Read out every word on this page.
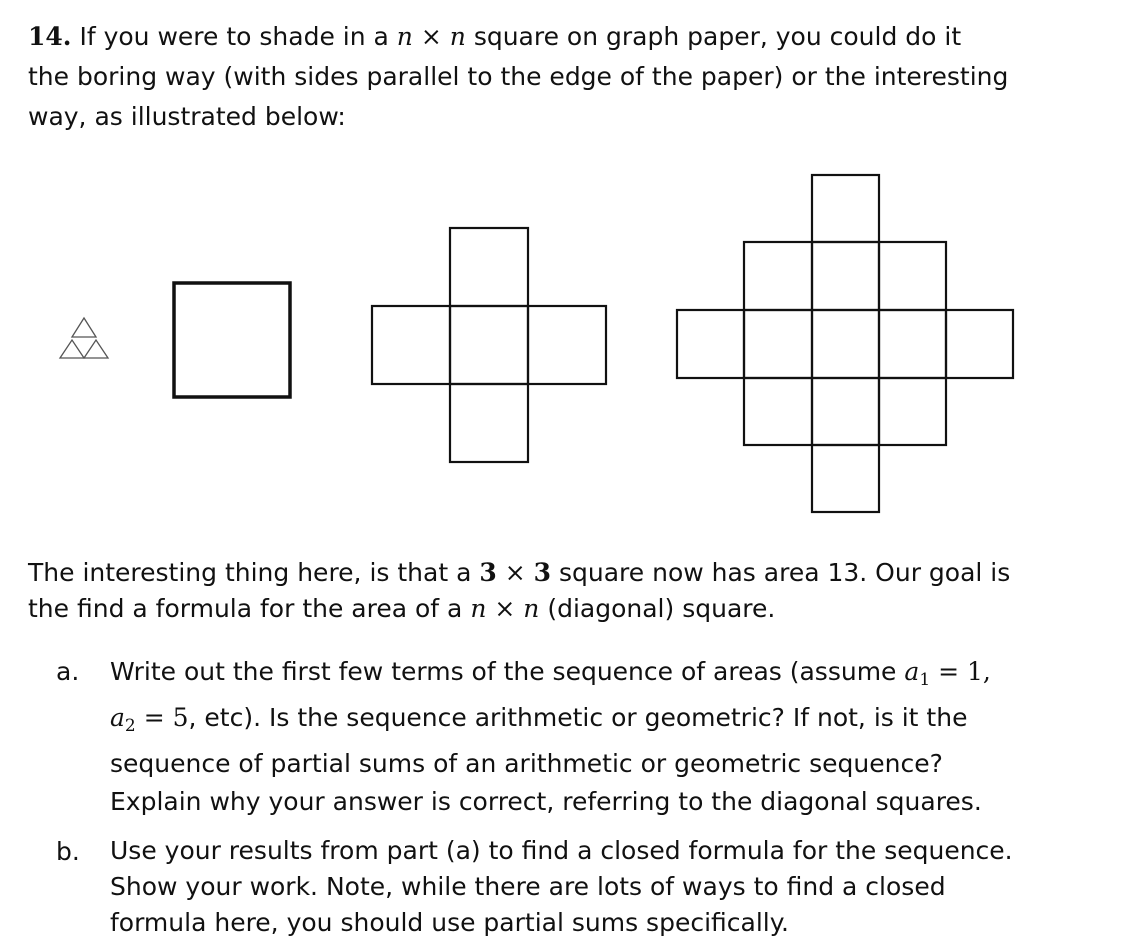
14. If you were to shade in a n × n square on graph paper, you could do it
the boring way (with sides parallel to the edge of the paper) or the interesting
way, as illustrated below:

The interesting thing here, is that a 3 × 3 square now has area 13. Our goal is
the find a formula for the area of a n × n (diagonal) square.

a. Write out the first few terms of the sequence of areas (assume $a_1 = 1$,
$a_2 = 5$, etc). Is the sequence arithmetic or geometric? If not, is it the
sequence of partial sums of an arithmetic or geometric sequence?
Explain why your answer is correct, referring to the diagonal squares.

b. Use your results from part (a) to find a closed formula for the sequence.
Show your work. Note, while there are lots of ways to find a closed
formula here, you should use partial sums specifically.
